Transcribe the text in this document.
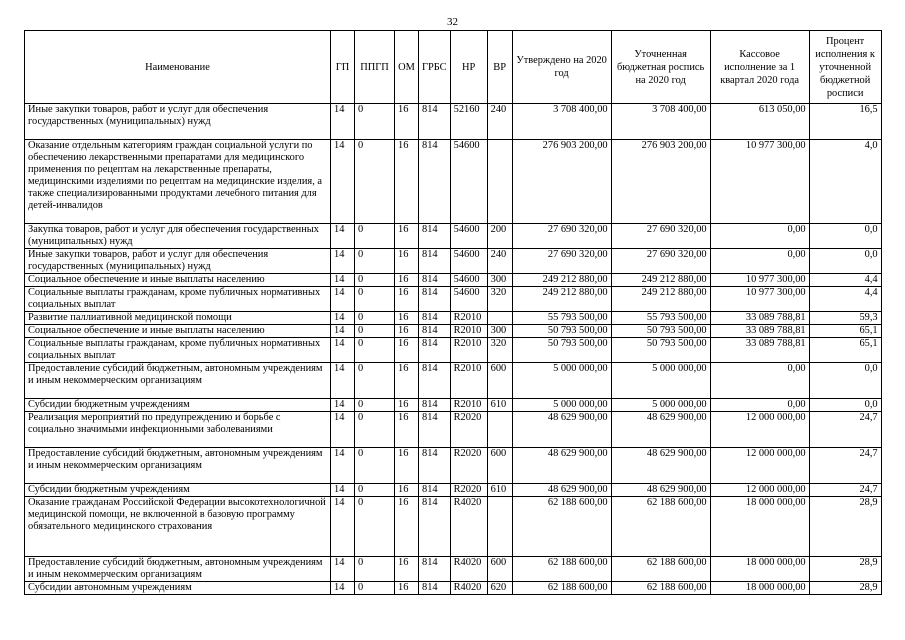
32
Наименование	ГП	ППГП	ОМ	ГРБС	НР	ВР	Утверждено на 2020 год	Уточненная бюджетная роспись на 2020 год	Кассовое исполнение за 1 квартал 2020 года	Процент исполнения к уточненной бюджетной росписи
Иные закупки товаров, работ и услуг для обеспечения государственных (муниципальных) нужд	14	0	16	814	52160	240	3 708 400,00	3 708 400,00	613 050,00	16,5
Оказание отдельным категориям граждан социальной услуги по обеспечению лекарственными препаратами для медицинского применения по рецептам на лекарственные препараты, медицинскими изделиями по рецептам на медицинские изделия, а также специализированными продуктами лечебного питания для детей-инвалидов	14	0	16	814	54600		276 903 200,00	276 903 200,00	10 977 300,00	4,0
Закупка товаров, работ и услуг для обеспечения государственных (муниципальных) нужд	14	0	16	814	54600	200	27 690 320,00	27 690 320,00	0,00	0,0
Иные закупки товаров, работ и услуг для обеспечения государственных (муниципальных) нужд	14	0	16	814	54600	240	27 690 320,00	27 690 320,00	0,00	0,0
Социальное обеспечение и иные выплаты населению	14	0	16	814	54600	300	249 212 880,00	249 212 880,00	10 977 300,00	4,4
Социальные выплаты гражданам, кроме публичных нормативных социальных выплат	14	0	16	814	54600	320	249 212 880,00	249 212 880,00	10 977 300,00	4,4
Развитие паллиативной медицинской помощи	14	0	16	814	R2010		55 793 500,00	55 793 500,00	33 089 788,81	59,3
Социальное обеспечение и иные выплаты населению	14	0	16	814	R2010	300	50 793 500,00	50 793 500,00	33 089 788,81	65,1
Социальные выплаты гражданам, кроме публичных нормативных социальных выплат	14	0	16	814	R2010	320	50 793 500,00	50 793 500,00	33 089 788,81	65,1
Предоставление субсидий бюджетным, автономным учреждениям и иным некоммерческим организациям	14	0	16	814	R2010	600	5 000 000,00	5 000 000,00	0,00	0,0
Субсидии бюджетным учреждениям	14	0	16	814	R2010	610	5 000 000,00	5 000 000,00	0,00	0,0
Реализация мероприятий по предупреждению и борьбе с социально значимыми инфекционными заболеваниями	14	0	16	814	R2020		48 629 900,00	48 629 900,00	12 000 000,00	24,7
Предоставление субсидий бюджетным, автономным учреждениям и иным некоммерческим организациям	14	0	16	814	R2020	600	48 629 900,00	48 629 900,00	12 000 000,00	24,7
Субсидии бюджетным учреждениям	14	0	16	814	R2020	610	48 629 900,00	48 629 900,00	12 000 000,00	24,7
Оказание гражданам Российской Федерации высокотехнологичной медицинской помощи, не включенной в базовую программу обязательного медицинского страхования	14	0	16	814	R4020		62 188 600,00	62 188 600,00	18 000 000,00	28,9
Предоставление субсидий бюджетным, автономным учреждениям и иным некоммерческим организациям	14	0	16	814	R4020	600	62 188 600,00	62 188 600,00	18 000 000,00	28,9
Субсидии автономным учреждениям	14	0	16	814	R4020	620	62 188 600,00	62 188 600,00	18 000 000,00	28,9
